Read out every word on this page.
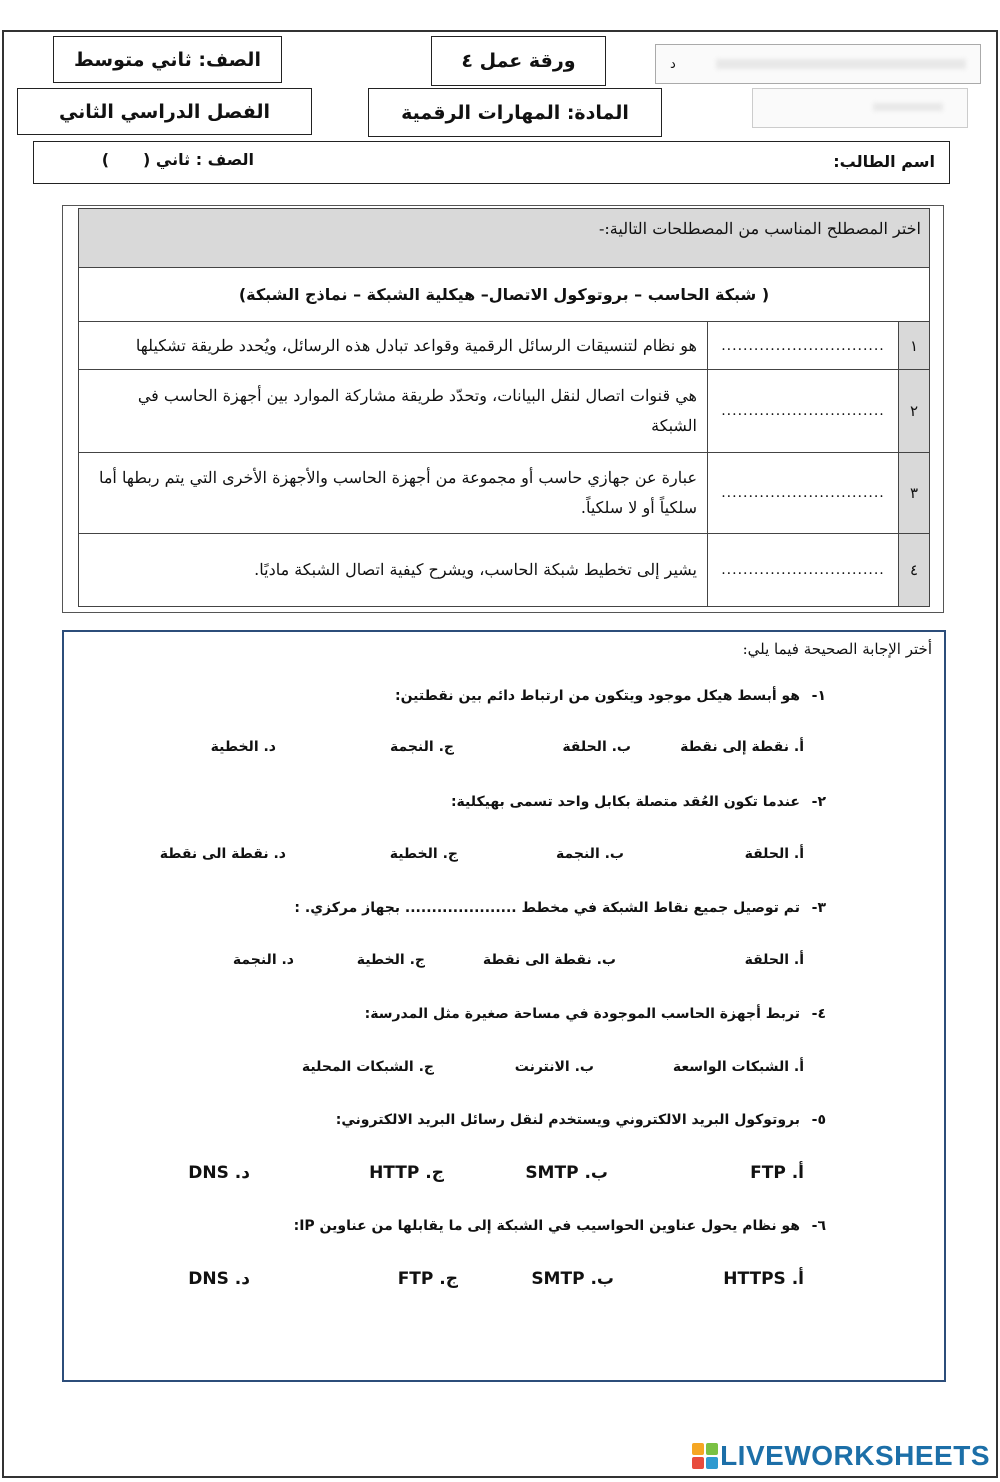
الصف: ثاني متوسط	ورقة عمل ٤
الفصل الدراسي الثاني	المادة: المهارات الرقمية
د
اسم الطالب:
الصف : ثاني ()
اختر المصطلح المناسب من المصطلحات التالية:-		
( شبكة الحاسب – بروتوكول الاتصال– هيكلية الشبكة – نماذج الشبكة)		
١	..............................	هو نظام لتنسيقات الرسائل الرقمية وقواعد تبادل هذه الرسائل، ويُحدد طريقة تشكيلها
٢	..............................	هي قنوات اتصال لنقل البيانات، وتحدّد طريقة مشاركة الموارد بين أجهزة الحاسب في الشبكة
٣	..............................	عبارة عن جهازي حاسب أو مجموعة من أجهزة الحاسب والأجهزة الأخرى التي يتم ربطها أما سلكياً أو لا سلكياً.
٤	..............................	يشير إلى تخطيط شبكة الحاسب، ويشرح كيفية اتصال الشبكة ماديًا.
أختر الإجابة الصحيحة فيما يلي:
١-
هو أبسط هيكل موجود ويتكون من ارتباط دائم بين نقطتين:
أ. نقطة إلى نقطة
ب. الحلقة
ج. النجمة
د. الخطية
٢-
عندما تكون العُقد متصلة بكابل واحد تسمى بهيكلية:
أ. الحلقة
ب. النجمة
ج. الخطية
د. نقطة الى نقطة
٣-
تم توصيل جميع نقاط الشبكة في مخطط ..................... بجهاز مركزي. :
أ. الحلقة
ب. نقطة الى نقطة
ج. الخطية
د. النجمة
٤-
تربط أجهزة الحاسب الموجودة في مساحة صغيرة مثل المدرسة:
أ. الشبكات الواسعة
ب. الانترنت
ج. الشبكات المحلية
٥-
بروتوكول البريد الالكتروني ويستخدم لنقل رسائل البريد الالكتروني:
أ. FTP
ب. SMTP
ج. HTTP
د. DNS
٦-
هو نظام يحول عناوين الحواسيب في الشبكة إلى ما يقابلها من عناوين IP:
أ. HTTPS
ب. SMTP
ج. FTP
د. DNS
LIVEWORKSHEETS
